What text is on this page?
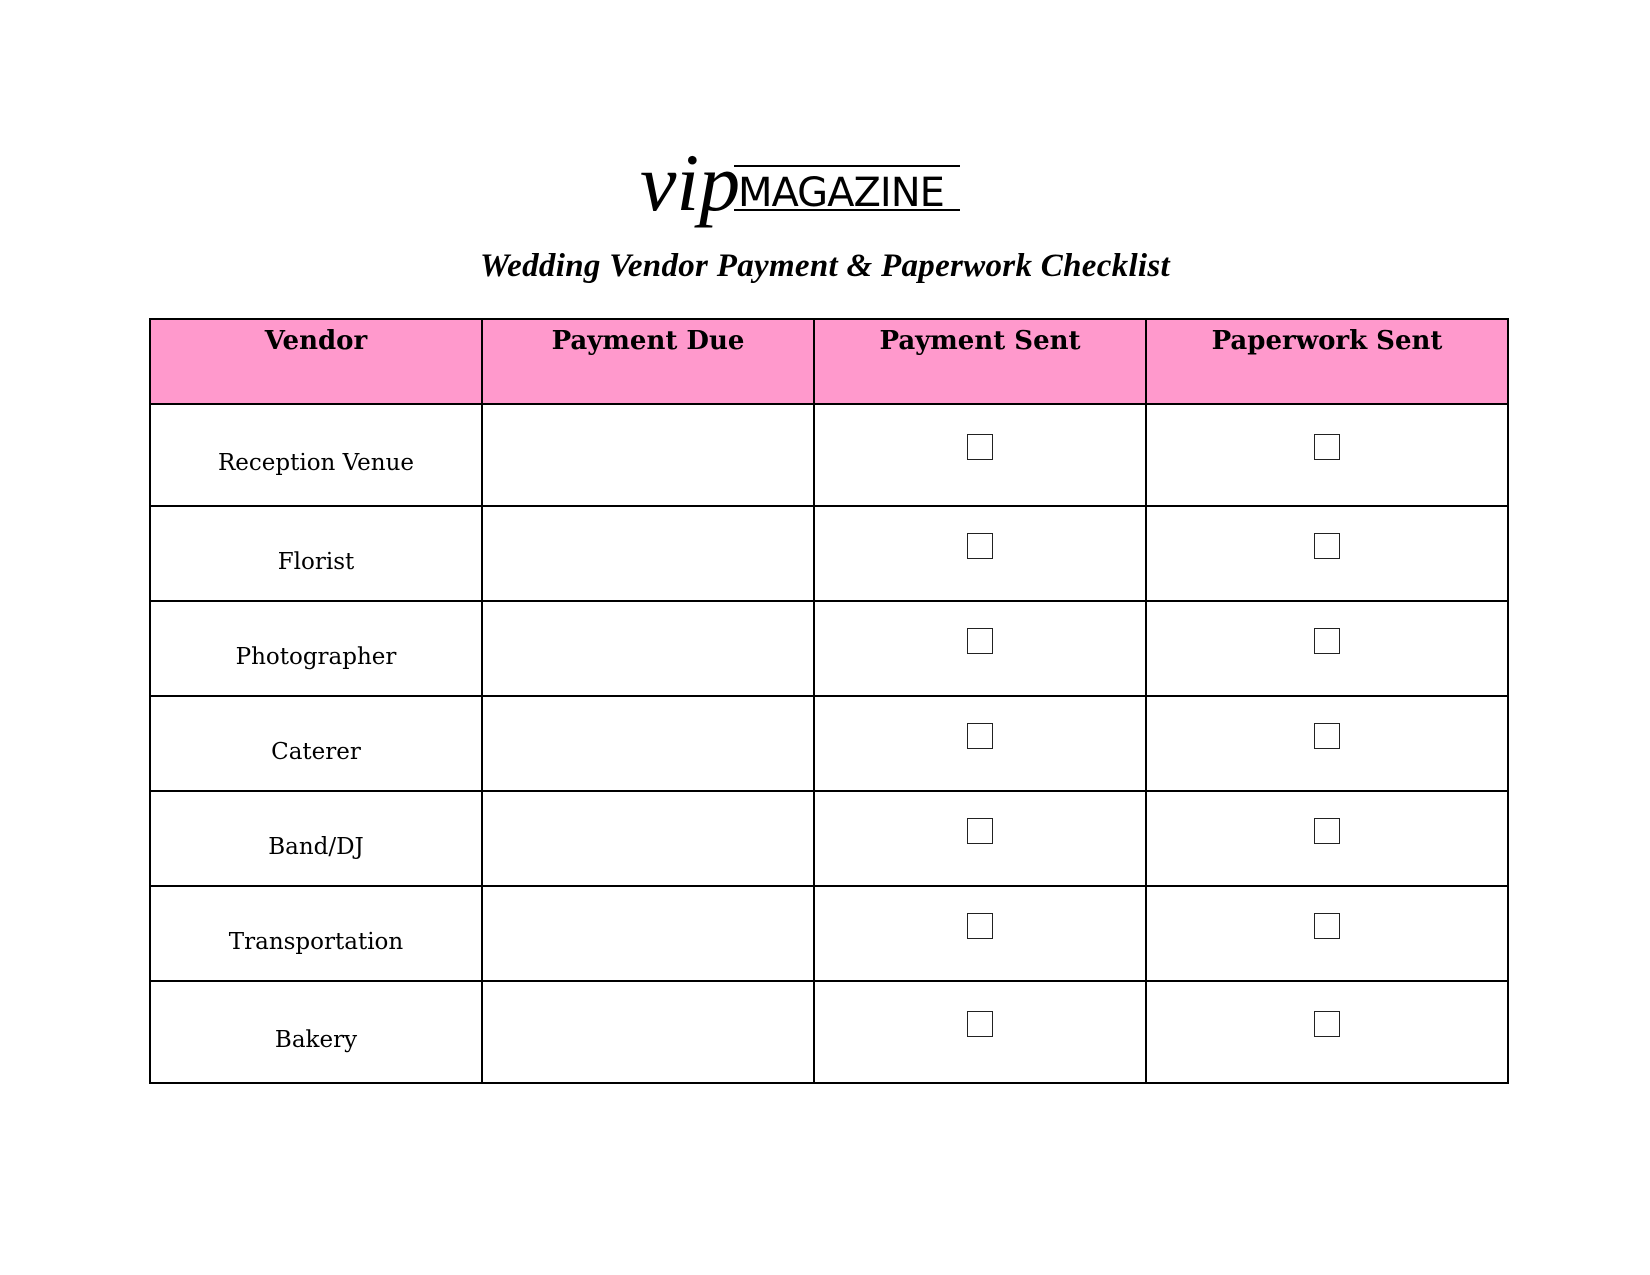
vip
MAGAZINE
Wedding Vendor Payment & Paperwork Checklist
Vendor	Payment Due	Payment Sent	Paperwork Sent
Reception Venue			
Florist			
Photographer			
Caterer			
Band/DJ			
Transportation			
Bakery			
